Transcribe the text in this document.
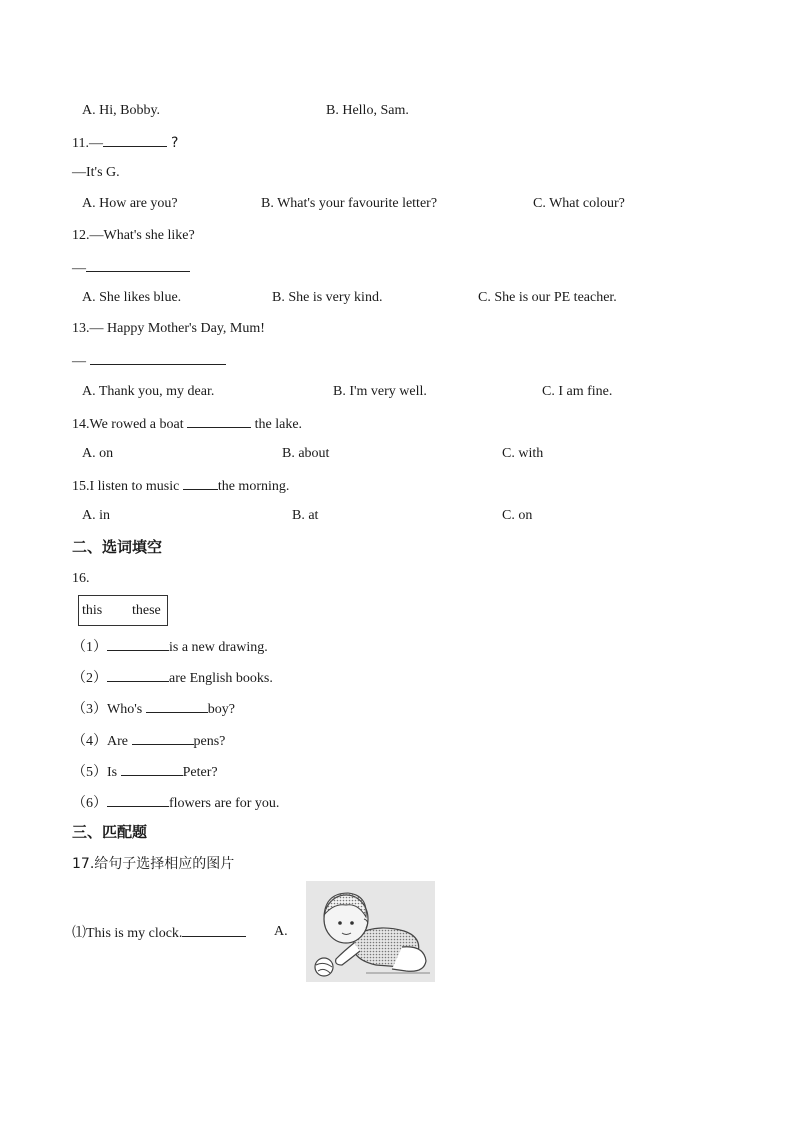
A. Hi, Bobby.	B. Hello, Sam.
11.—	?
—It's G.
A. How are you?	B. What's your favourite letter?	C. What colour?
12.—What's she like?
—
A. She likes blue.	B. She is very kind.	C. She is our PE teacher.
13.— Happy Mother's Day, Mum!
—
A. Thank you, my dear.	B. I'm very well.	C. I am fine.
14.We rowed a boat	the lake.
A. on	B. about	C. with
15.I listen to music	the morning.
A. in	B. at	C. on
二、选词填空
16.
this these
（1）	is a new drawing.
（2）	are English books.
（3）Who's	boy?
（4）Are	pens?
（5）Is	Peter?
（6）	flowers are for you.
三、匹配题
17.给句子选择相应的图片
⑴This is my clock.	A.
